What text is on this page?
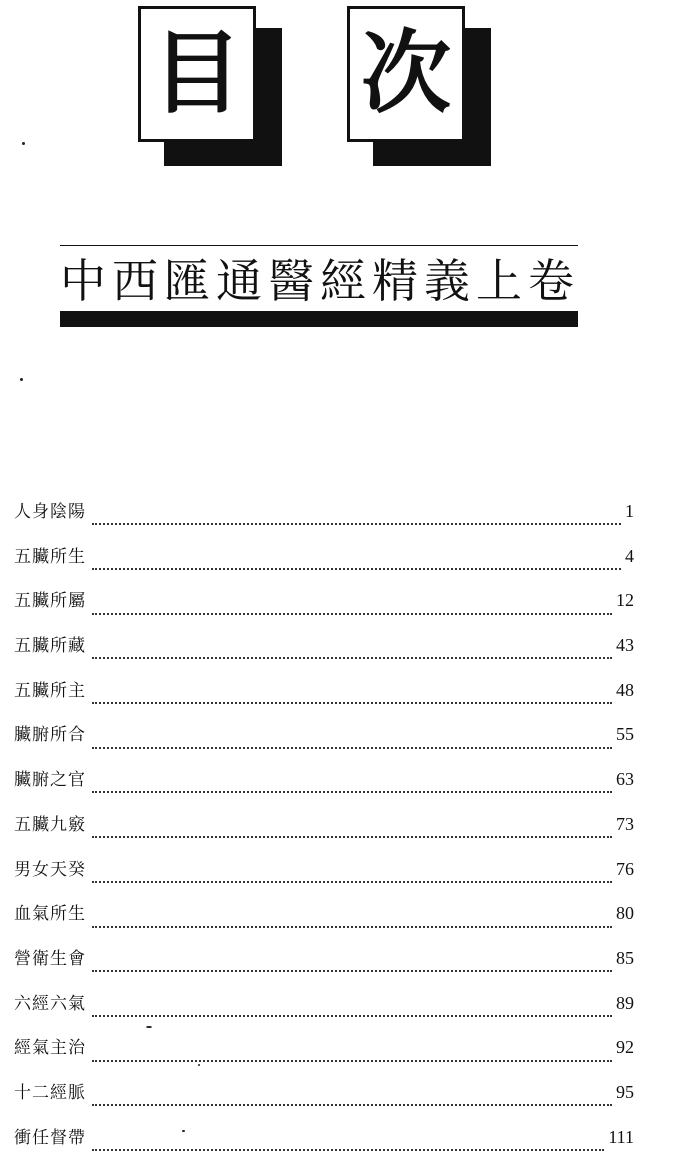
目 次
中西匯通醫經精義上卷
人身陰陽	1
五臟所生	4
五臟所屬	12
五臟所藏	43
五臟所主	48
臟腑所合	55
臟腑之官	63
五臟九竅	73
男女天癸	76
血氣所生	80
營衛生會	85
六經六氣	89
經氣主治	92
十二經脈	95
衝任督帶	111
